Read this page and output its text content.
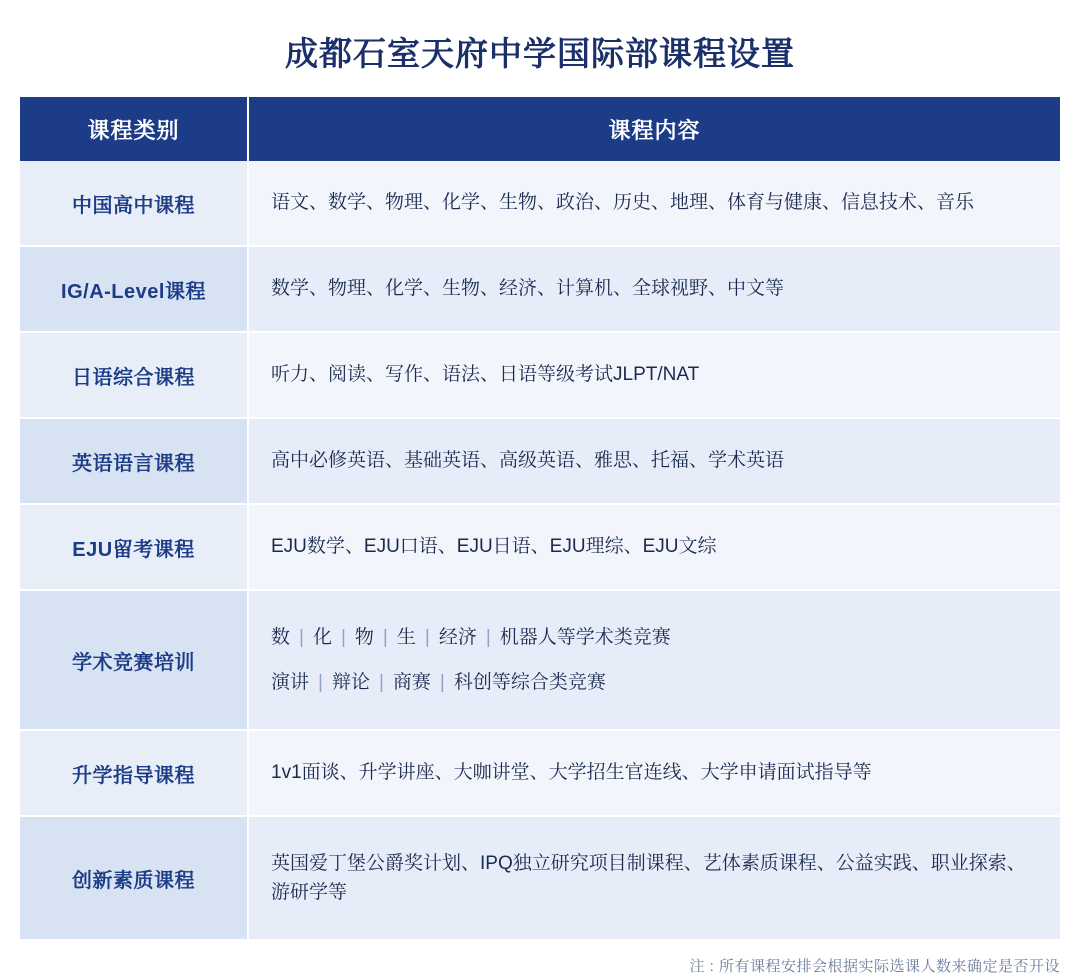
成都石室天府中学国际部课程设置
课程类别	课程内容
中国高中课程	语文、数学、物理、化学、生物、政治、历史、地理、体育与健康、信息技术、音乐
IG/A-Level课程	数学、物理、化学、生物、经济、计算机、全球视野、中文等
日语综合课程	听力、阅读、写作、语法、日语等级考试JLPT/NAT
英语语言课程	高中必修英语、基础英语、高级英语、雅思、托福、学术英语
EJU留考课程	EJU数学、EJU口语、EJU日语、EJU理综、EJU文综
学术竞赛培训	数 | 化 | 物 | 生 | 经济 | 机器人等学术类竞赛
演讲 | 辩论 | 商赛 | 科创等综合类竞赛

升学指导课程	1v1面谈、升学讲座、大咖讲堂、大学招生官连线、大学申请面试指导等
创新素质课程	英国爱丁堡公爵奖计划、IPQ独立研究项目制课程、艺体素质课程、公益实践、职业探索、游研学等
注 : 所有课程安排会根据实际选课人数来确定是否开设
